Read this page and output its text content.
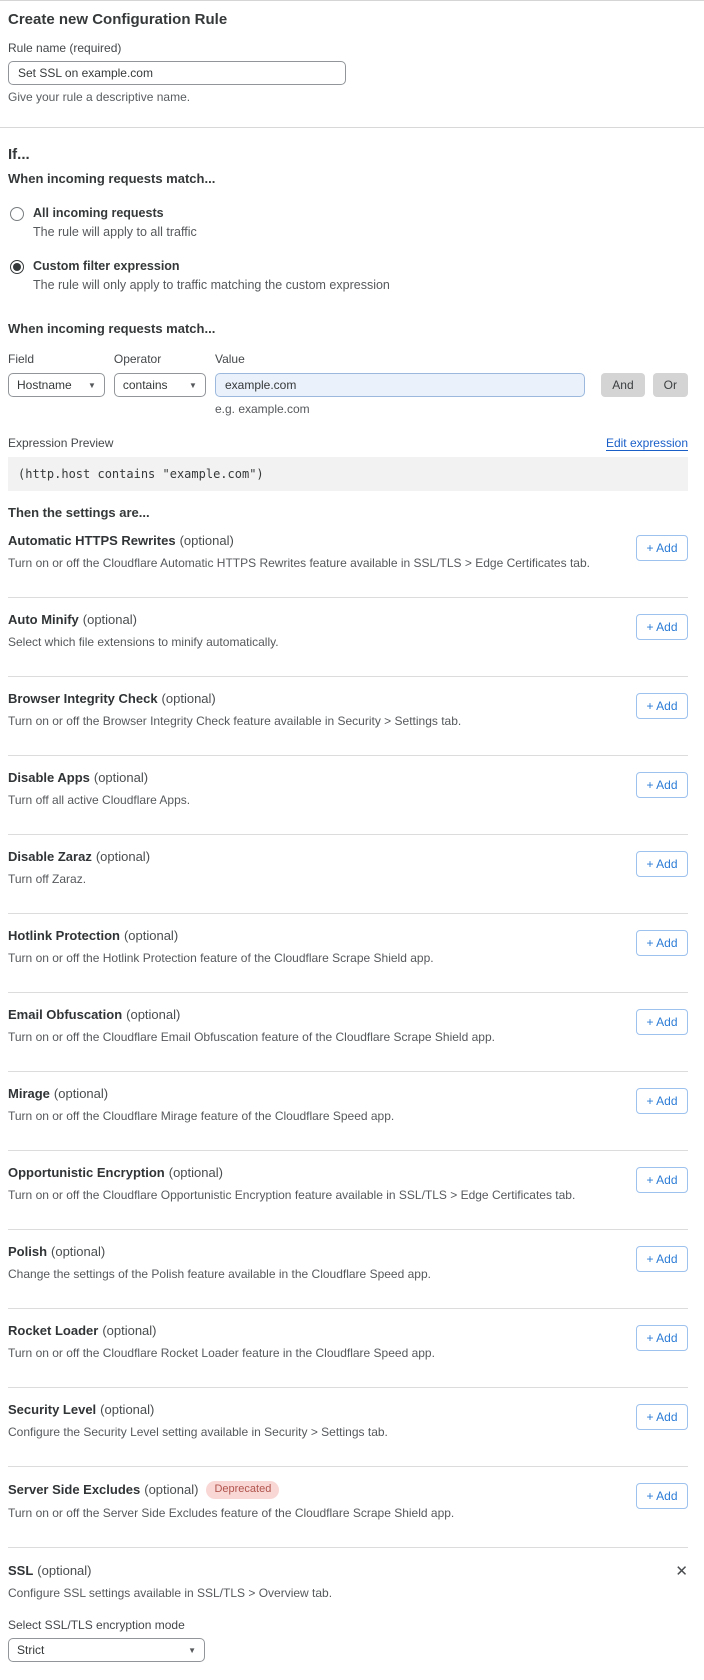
Create new Configuration Rule
Rule name (required)
Set SSL on example.com
Give your rule a descriptive name.
If...
When incoming requests match...
All incoming requests
The rule will apply to all traffic
Custom filter expression
The rule will only apply to traffic matching the custom expression
When incoming requests match...
Field
Hostname ▼
Operator
contains	▼
Value
example.com
e.g. example.com
And	Or
Expression Preview	Edit expression
(http.host contains "example.com")
Then the settings are...
Automatic HTTPS Rewrites (optional)
Turn on or off the Cloudflare Automatic HTTPS Rewrites feature available in SSL/TLS > Edge Certificates tab.
+ Add
Auto Minify (optional)
Select which file extensions to minify automatically.
+ Add
Browser Integrity Check (optional)
Turn on or off the Browser Integrity Check feature available in Security > Settings tab.
+ Add
Disable Apps (optional)
Turn off all active Cloudflare Apps.
+ Add
Disable Zaraz (optional)
Turn off Zaraz.
+ Add
Hotlink Protection (optional)
Turn on or off the Hotlink Protection feature of the Cloudflare Scrape Shield app.
+ Add
Email Obfuscation (optional)
Turn on or off the Cloudflare Email Obfuscation feature of the Cloudflare Scrape Shield app.
+ Add
Mirage (optional)
Turn on or off the Cloudflare Mirage feature of the Cloudflare Speed app.
+ Add
Opportunistic Encryption (optional)
Turn on or off the Cloudflare Opportunistic Encryption feature available in SSL/TLS > Edge Certificates tab.
+ Add
Polish (optional)
Change the settings of the Polish feature available in the Cloudflare Speed app.
+ Add
Rocket Loader (optional)
Turn on or off the Cloudflare Rocket Loader feature in the Cloudflare Speed app.
+ Add
Security Level (optional)
Configure the Security Level setting available in Security > Settings tab.
+ Add
Server Side Excludes (optional)	Deprecated
Turn on or off the Server Side Excludes feature of the Cloudflare Scrape Shield app.
+ Add
SSL (optional)	✕
Configure SSL settings available in SSL/TLS > Overview tab.
Select SSL/TLS encryption mode
Strict	▼
